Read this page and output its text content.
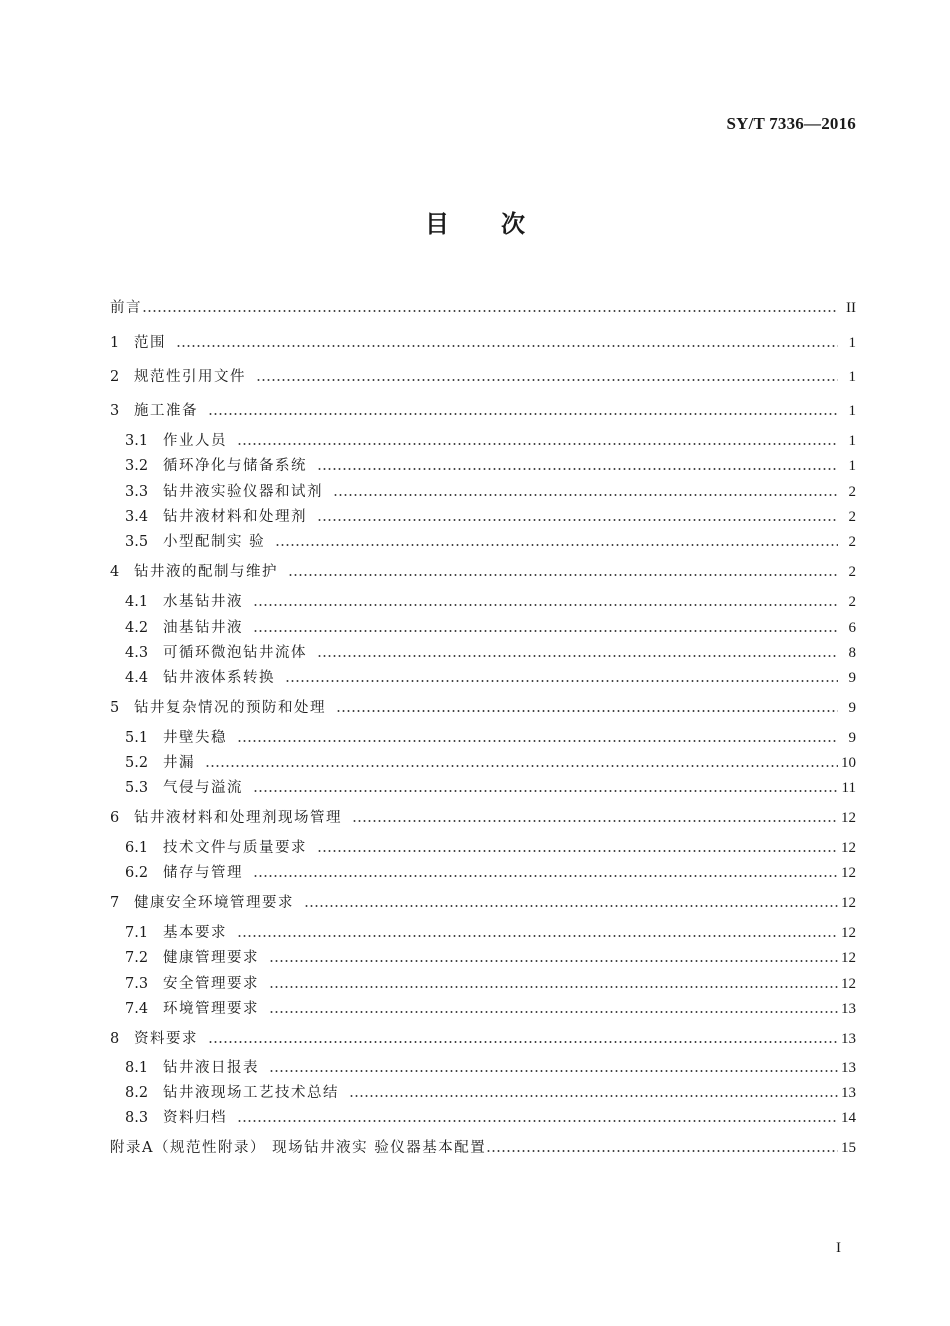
SY/T 7336—2016
目次
前言	II
1	范围	1
2	规范性引用文件	1
3	施工准备	1
3.1	作业人员	1
3.2	循环净化与储备系统	1
3.3	钻井液实验仪器和试剂	2
3.4	钻井液材料和处理剂	2
3.5	小型配制实 验	2
4	钻井液的配制与维护	2
4.1	水基钻井液	2
4.2	油基钻井液	6
4.3	可循环微泡钻井流体	8
4.4	钻井液体系转换	9
5	钻井复杂情况的预防和处理	9
5.1	井壁失稳	9
5.2	井漏	10
5.3	气侵与溢流	11
6	钻井液材料和处理剂现场管理	12
6.1	技术文件与质量要求	12
6.2	储存与管理	12
7	健康安全环境管理要求	12
7.1	基本要求	12
7.2	健康管理要求	12
7.3	安全管理要求	12
7.4	环境管理要求	13
8	资料要求	13
8.1	钻井液日报表	13
8.2	钻井液现场工艺技术总结	13
8.3	资料归档	14
附录A（规范性附录） 现场钻井液实 验仪器基本配置	15
I
